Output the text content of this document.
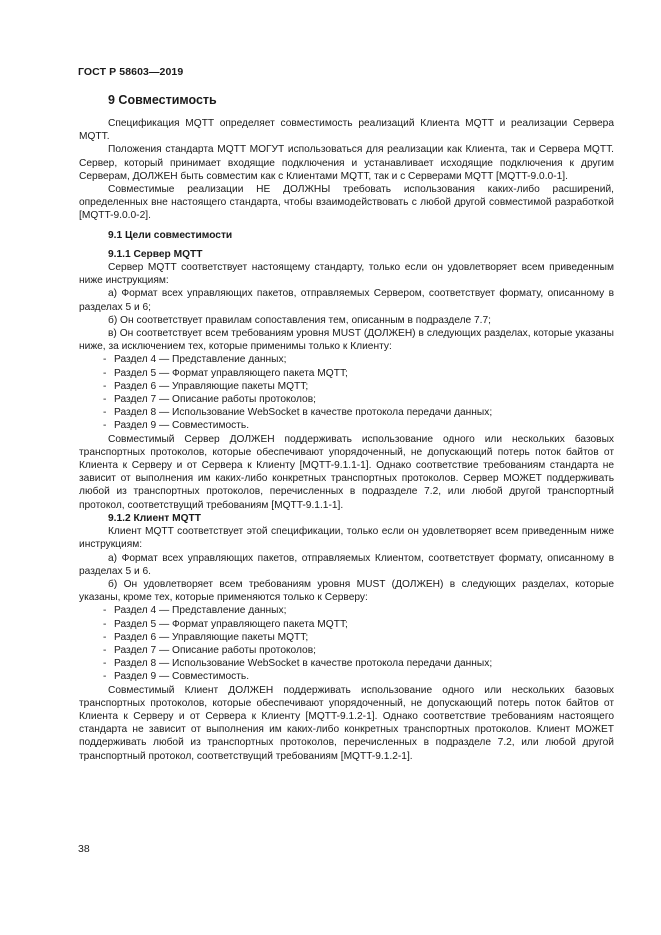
ГОСТ Р 58603—2019
9 Совместимость

Спецификация MQTT определяет совместимость реализаций Клиента MQTT и реализации Сервера MQTT.

Положения стандарта MQTT МОГУТ использоваться для реализации как Клиента, так и Сервера MQTT. Сервер, который принимает входящие подключения и устанавливает исходящие подключения к другим Серверам, ДОЛЖЕН быть совместим как с Клиентами MQTT, так и с Серверами MQTT [MQTT-9.0.0-1].

Совместимые реализации НЕ ДОЛЖНЫ требовать использования каких-либо расширений, определенных вне настоящего стандарта, чтобы взаимодействовать с любой другой совместимой разработкой [MQTT-9.0.0-2].

9.1 Цели совместимости
9.1.1 Сервер MQTT

Сервер MQTT соответствует настоящему стандарту, только если он удовлетворяет всем приведенным ниже инструкциям:

а) Формат всех управляющих пакетов, отправляемых Сервером, соответствует формату, описанному в разделах 5 и 6;

б) Он соответствует правилам сопоставления тем, описанным в подразделе 7.7;

в) Он соответствует всем требованиям уровня MUST (ДОЛЖЕН) в следующих разделах, которые указаны ниже, за исключением тех, которые применимы только к Клиенту:

- Раздел 4 — Представление данных;
- Раздел 5 — Формат управляющего пакета MQTT;
- Раздел 6 — Управляющие пакеты MQTT;
- Раздел 7 — Описание работы протоколов;
- Раздел 8 — Использование WebSocket в качестве протокола передачи данных;
- Раздел 9 — Совместимость.

Совместимый Сервер ДОЛЖЕН поддерживать использование одного или нескольких базовых транспортных протоколов, которые обеспечивают упорядоченный, не допускающий потерь поток байтов от Клиента к Серверу и от Сервера к Клиенту [MQTT-9.1.1-1]. Однако соответствие требованиям стандарта не зависит от выполнения им каких-либо конкретных транспортных протоколов. Сервер МОЖЕТ поддерживать любой из транспортных протоколов, перечисленных в подразделе 7.2, или любой другой транспортный протокол, соответствущий требованиям [MQTT-9.1.1-1].

9.1.2 Клиент MQTT

Клиент MQTT соответствует этой спецификации, только если он удовлетворяет всем приведенным ниже инструкциям:

а) Формат всех управляющих пакетов, отправляемых Клиентом, соответствует формату, описанному в разделах 5 и 6.

б) Он удовлетворяет всем требованиям уровня MUST (ДОЛЖЕН) в следующих разделах, которые указаны, кроме тех, которые применяются только к Серверу:

- Раздел 4 — Представление данных;
- Раздел 5 — Формат управляющего пакета MQTT;
- Раздел 6 — Управляющие пакеты MQTT;
- Раздел 7 — Описание работы протоколов;
- Раздел 8 — Использование WebSocket в качестве протокола передачи данных;
- Раздел 9 — Совместимость.

Совместимый Клиент ДОЛЖЕН поддерживать использование одного или нескольких базовых транспортных протоколов, которые обеспечивают упорядоченный, не допускающий потерь поток байтов от Клиента к Серверу и от Сервера к Клиенту [MQTT-9.1.2-1]. Однако соответствие требованиям настоящего стандарта не зависит от выполнения им каких-либо конкретных транспортных протоколов. Клиент МОЖЕТ поддерживать любой из транспортных протоколов, перечисленных в подразделе 7.2, или любой другой транспортный протокол, соответствущий требованиям [MQTT-9.1.2-1].

38
